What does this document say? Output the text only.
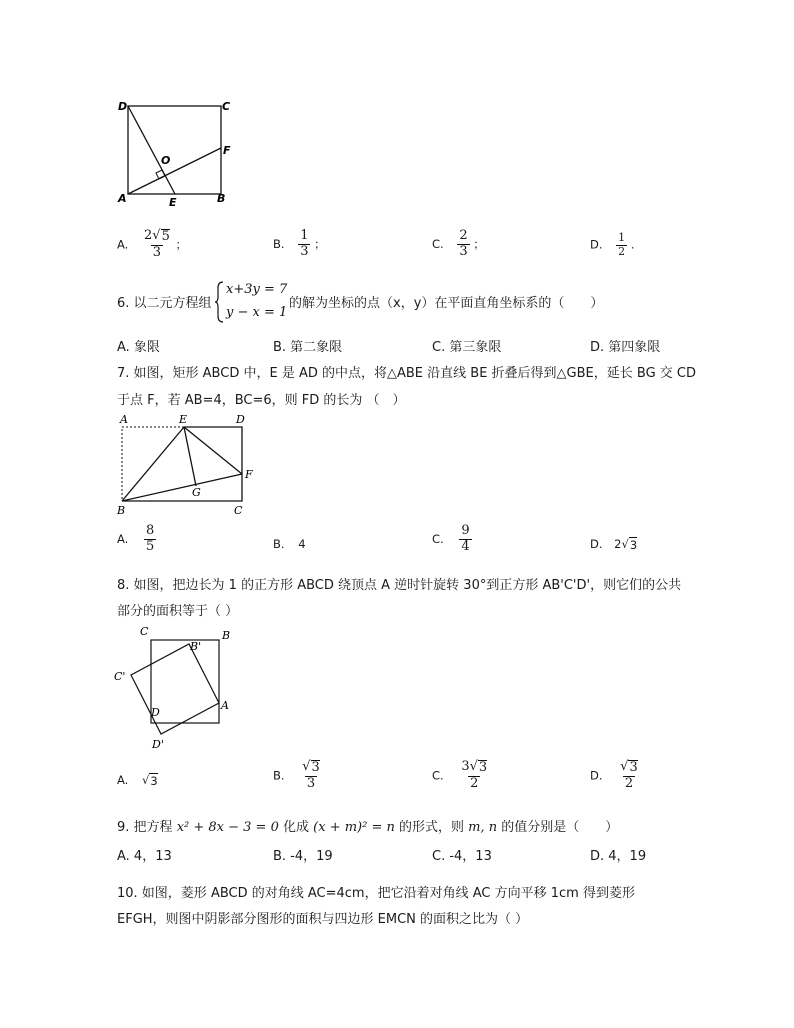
D	C
O
F
A	E	B
A. $\frac{2 √ 5}{3}$ ；	B. $\frac{1}{3}$ ；	C. $\frac{2}{3}$ ；	D. $\frac{1}{2}$ .
6. 以二元方程组
x+3y = 7
y − x = 1
的解为坐标的点（x，y）在平面直角坐标系的（　　）
A. 象限	B. 第二象限	C. 第三象限	D. 第四象限
7. 如图，矩形 ABCD 中，E 是 AD 的中点，将△ABE 沿直线 BE 折叠后得到△GBE，延长 BG 交 CD
于点 F，若 AB=4，BC=6，则 FD 的长为 （　）
A	E	D
F
G
B	C
A. $\frac{8}{5}$	B. 4	C. $\frac{9}{4}$	D. 2 √ 3
8. 如图，把边长为 1 的正方形 ABCD 绕顶点 A 逆时针旋转 30°到正方形 AB'C'D'，则它们的公共
部分的面积等于（ ）
C	B
B'
C'
D
A
D'
A. √ 3	B. $\frac{√ 3}{3}$	C. $\frac{3 √ 3}{2}$	D. $\frac{√ 3}{2}$
9. 把方程 x² + 8x − 3 = 0 化成 (x + m)² = n 的形式，则 m, n 的值分别是（　　）
A. 4，13	B. -4，19	C. -4，13	D. 4，19
10. 如图，菱形 ABCD 的对角线 AC=4cm，把它沿着对角线 AC 方向平移 1cm 得到菱形
EFGH，则图中阴影部分图形的面积与四边形 EMCN 的面积之比为（ ）
